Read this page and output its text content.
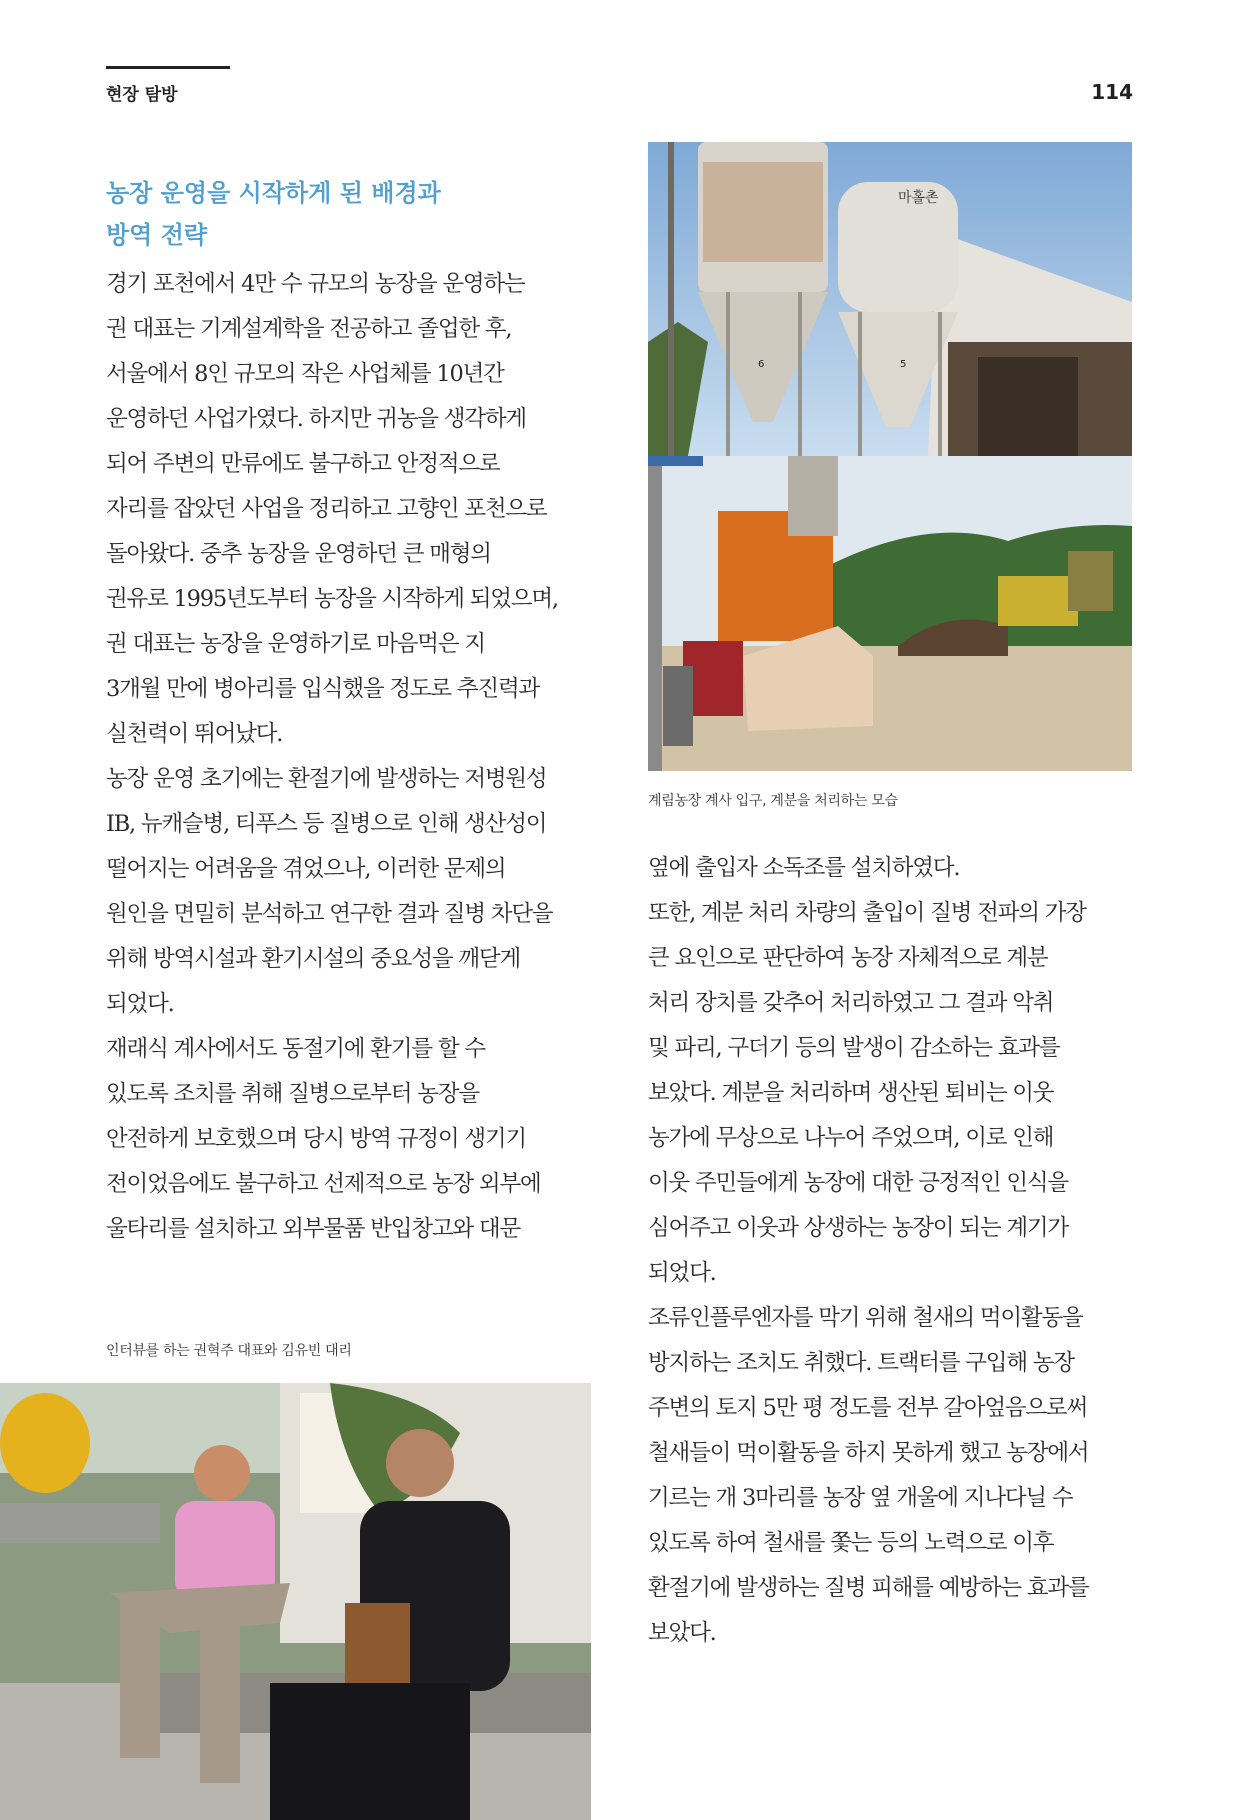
현장 탐방	114
농장 운영을 시작하게 된 배경과
방역 전략

경기 포천에서 4만 수 규모의 농장을 운영하는
권 대표는 기계설계학을 전공하고 졸업한 후,
서울에서 8인 규모의 작은 사업체를 10년간
운영하던 사업가였다. 하지만 귀농을 생각하게
되어 주변의 만류에도 불구하고 안정적으로
자리를 잡았던 사업을 정리하고 고향인 포천으로
돌아왔다. 중추 농장을 운영하던 큰 매형의
권유로 1995년도부터 농장을 시작하게 되었으며,
권 대표는 농장을 운영하기로 마음먹은 지
3개월 만에 병아리를 입식했을 정도로 추진력과
실천력이 뛰어났다.

농장 운영 초기에는 환절기에 발생하는 저병원성
IB, 뉴캐슬병, 티푸스 등 질병으로 인해 생산성이
떨어지는 어려움을 겪었으나, 이러한 문제의
원인을 면밀히 분석하고 연구한 결과 질병 차단을
위해 방역시설과 환기시설의 중요성을 깨닫게
되었다.

재래식 계사에서도 동절기에 환기를 할 수
있도록 조치를 취해 질병으로부터 농장을
안전하게 보호했으며 당시 방역 규정이 생기기
전이었음에도 불구하고 선제적으로 농장 외부에
울타리를 설치하고 외부물품 반입창고와 대문

옆에 출입자 소독조를 설치하였다.

또한, 계분 처리 차량의 출입이 질병 전파의 가장
큰 요인으로 판단하여 농장 자체적으로 계분
처리 장치를 갖추어 처리하였고 그 결과 악취
및 파리, 구더기 등의 발생이 감소하는 효과를
보았다. 계분을 처리하며 생산된 퇴비는 이웃
농가에 무상으로 나누어 주었으며, 이로 인해
이웃 주민들에게 농장에 대한 긍정적인 인식을
심어주고 이웃과 상생하는 농장이 되는 계기가
되었다.

조류인플루엔자를 막기 위해 철새의 먹이활동을
방지하는 조치도 취했다. 트랙터를 구입해 농장
주변의 토지 5만 평 정도를 전부 갈아엎음으로써
철새들이 먹이활동을 하지 못하게 했고 농장에서
기르는 개 3마리를 농장 옆 개울에 지나다닐 수
있도록 하여 철새를 쫓는 등의 노력으로 이후
환절기에 발생하는 질병 피해를 예방하는 효과를
보았다.

마홀촌
6	5
계림농장 계사 입구, 계분을 처리하는 모습
인터뷰를 하는 권혁주 대표와 김유빈 대리
